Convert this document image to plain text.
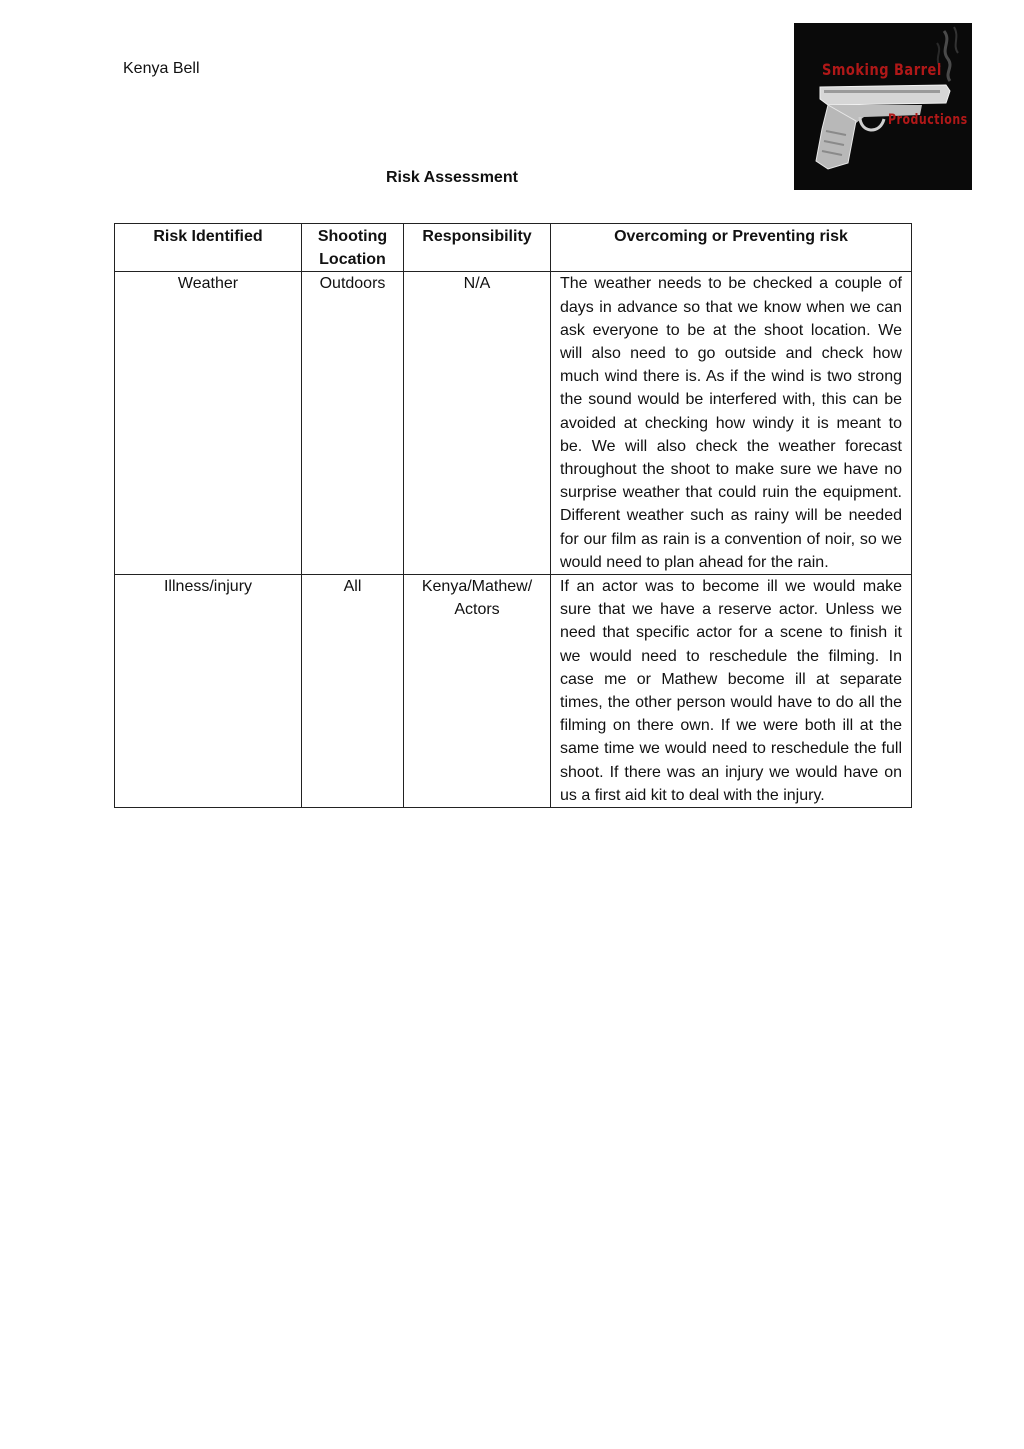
Kenya Bell	Smoking Barrel
Productions
Risk Assessment
Risk Identified	Shooting Location	Responsibility	Overcoming or Preventing risk
Weather	Outdoors	N/A	The weather needs to be checked a couple of days in advance so that we know when we can ask everyone to be at the shoot location. We will also need to go outside and check how much wind there is. As if the wind is two strong the sound would be interfered with, this can be avoided at checking how windy it is meant to be. We will also check the weather forecast throughout the shoot to make sure we have no surprise weather that could ruin the equipment. Different weather such as rainy will be needed for our film as rain is a convention of noir, so we would need to plan ahead for the rain.
Illness/injury	All	Kenya/Mathew/ Actors	If an actor was to become ill we would make sure that we have a reserve actor. Unless we need that specific actor for a scene to finish it we would need to reschedule the filming. In case me or Mathew become ill at separate times, the other person would have to do all the filming on there own. If we were both ill at the same time we would need to reschedule the full shoot. If there was an injury we would have on us a first aid kit to deal with the injury.
